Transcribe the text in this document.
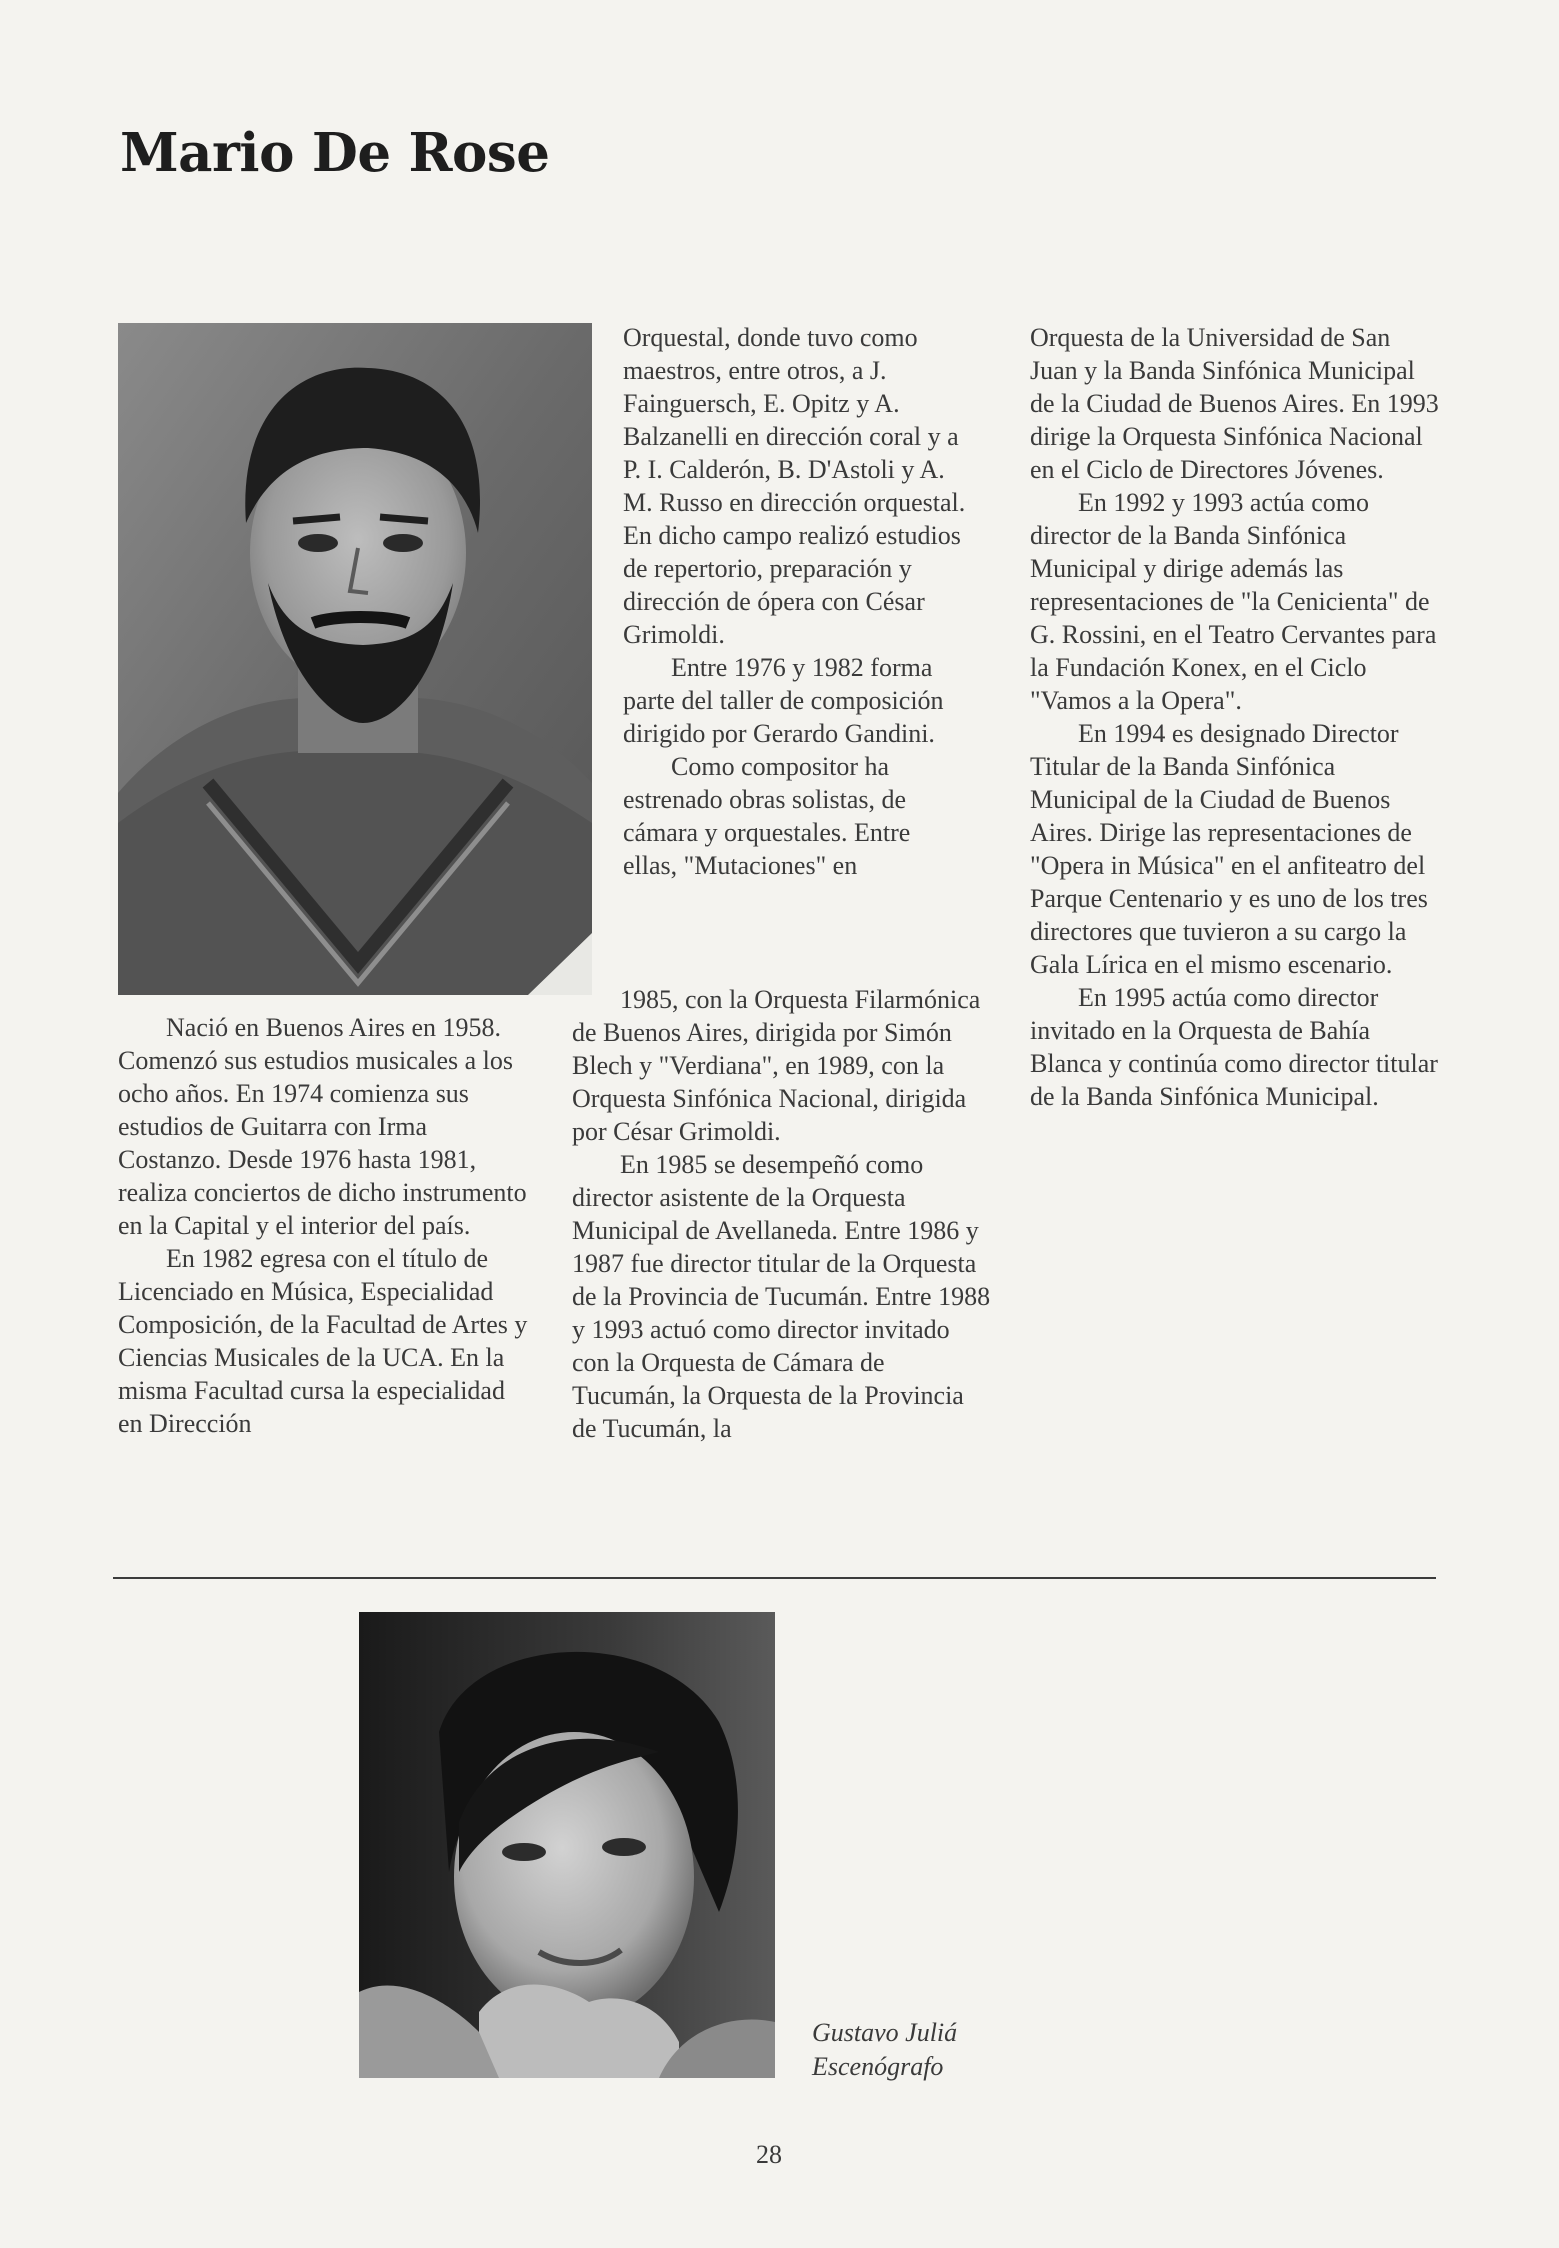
Mario De Rose

Nació en Buenos Aires en 1958. Comenzó sus estudios musicales a los ocho años. En 1974 comienza sus estudios de Guitarra con Irma Costanzo. Desde 1976 hasta 1981, realiza conciertos de dicho instrumento en la Capital y el interior del país.

En 1982 egresa con el título de Licenciado en Música, Especialidad Composición, de la Facultad de Artes y Ciencias Musicales de la UCA. En la misma Facultad cursa la especialidad en Dirección

Orquestal, donde tuvo como maestros, entre otros, a J. Fainguersch, E. Opitz y A. Balzanelli en dirección coral y a P. I. Calderón, B. D'Astoli y A. M. Russo en dirección orquestal. En dicho campo realizó estudios de repertorio, preparación y dirección de ópera con César Grimoldi.

Entre 1976 y 1982 forma parte del taller de composición dirigido por Gerardo Gandini.

Como compositor ha estrenado obras solistas, de cámara y orquestales. Entre ellas, "Mutaciones" en

1985, con la Orquesta Filarmónica de Buenos Aires, dirigida por Simón Blech y "Verdiana", en 1989, con la Orquesta Sinfónica Nacional, dirigida por César Grimoldi.

En 1985 se desempeñó como director asistente de la Orquesta Municipal de Avellaneda. Entre 1986 y 1987 fue director titular de la Orquesta de la Provincia de Tucumán. Entre 1988 y 1993 actuó como director invitado con la Orquesta de Cámara de Tucumán, la Orquesta de la Provincia de Tucumán, la

Orquesta de la Universidad de San Juan y la Banda Sinfónica Municipal de la Ciudad de Buenos Aires. En 1993 dirige la Orquesta Sinfónica Nacional en el Ciclo de Directores Jóvenes.

En 1992 y 1993 actúa como director de la Banda Sinfónica Municipal y dirige además las representaciones de "la Cenicienta" de G. Rossini, en el Teatro Cervantes para la Fundación Konex, en el Ciclo "Vamos a la Opera".

En 1994 es designado Director Titular de la Banda Sinfónica Municipal de la Ciudad de Buenos Aires. Dirige las representaciones de "Opera in Música" en el anfiteatro del Parque Centenario y es uno de los tres directores que tuvieron a su cargo la Gala Lírica en el mismo escenario.

En 1995 actúa como director invitado en la Orquesta de Bahía Blanca y continúa como director titular de la Banda Sinfónica Municipal.

Gustavo Juliá
Escenógrafo
28
